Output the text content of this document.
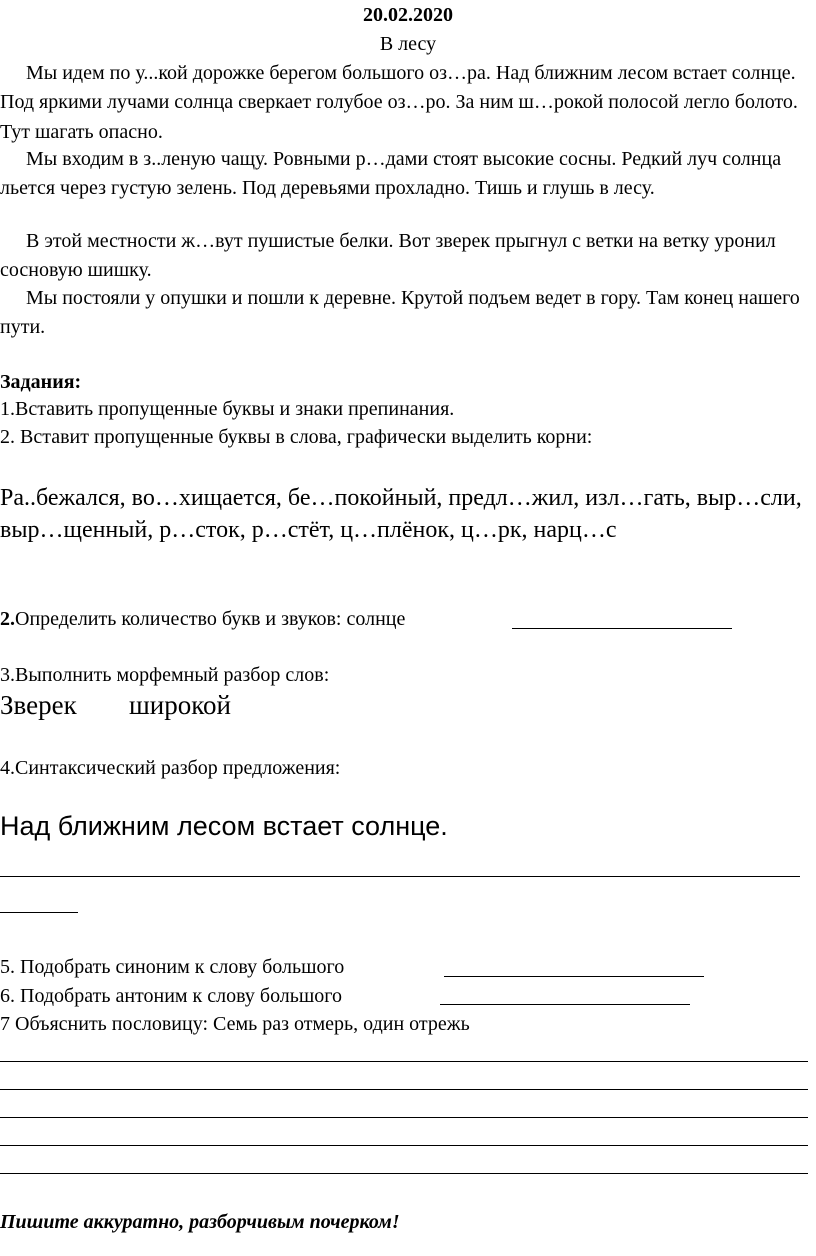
20.02.2020
В лесу
Мы идем по у...кой дорожке берегом большого оз…ра. Над ближним лесом встает солнце. Под яркими лучами солнца сверкает голубое оз…ро. За ним ш…рокой полосой легло болото. Тут шагать опасно.
Мы входим в з..леную чащу. Ровными р…дами стоят высокие сосны. Редкий луч солнца льется через густую зелень. Под деревьями прохладно. Тишь и глушь в лесу.
В этой местности ж…вут пушистые белки. Вот зверек прыгнул с ветки на ветку уронил сосновую шишку.
Мы постояли у опушки и пошли к деревне. Крутой подъем ведет в гору. Там конец нашего пути.
Задания:
1.Вставить пропущенные буквы и знаки препинания.
2. Вставит пропущенные буквы в слова, графически выделить корни:
Ра..бежался, во…хищается, бе…покойный, предл…жил, изл…гать, выр…сли, выр…щенный, р…сток, р…стёт, ц…плёнок, ц…рк, нарц…с
2.Определить количество букв и звуков: солнце
3.Выполнить морфемный разбор слов:
Зверек широкой
4.Синтаксический разбор предложения:
Над ближним лесом встает солнце.
5. Подобрать синоним к слову большого
6. Подобрать антоним к слову большого
7 Объяснить пословицу: Семь раз отмерь, один отрежь
Пишите аккуратно, разборчивым почерком!
